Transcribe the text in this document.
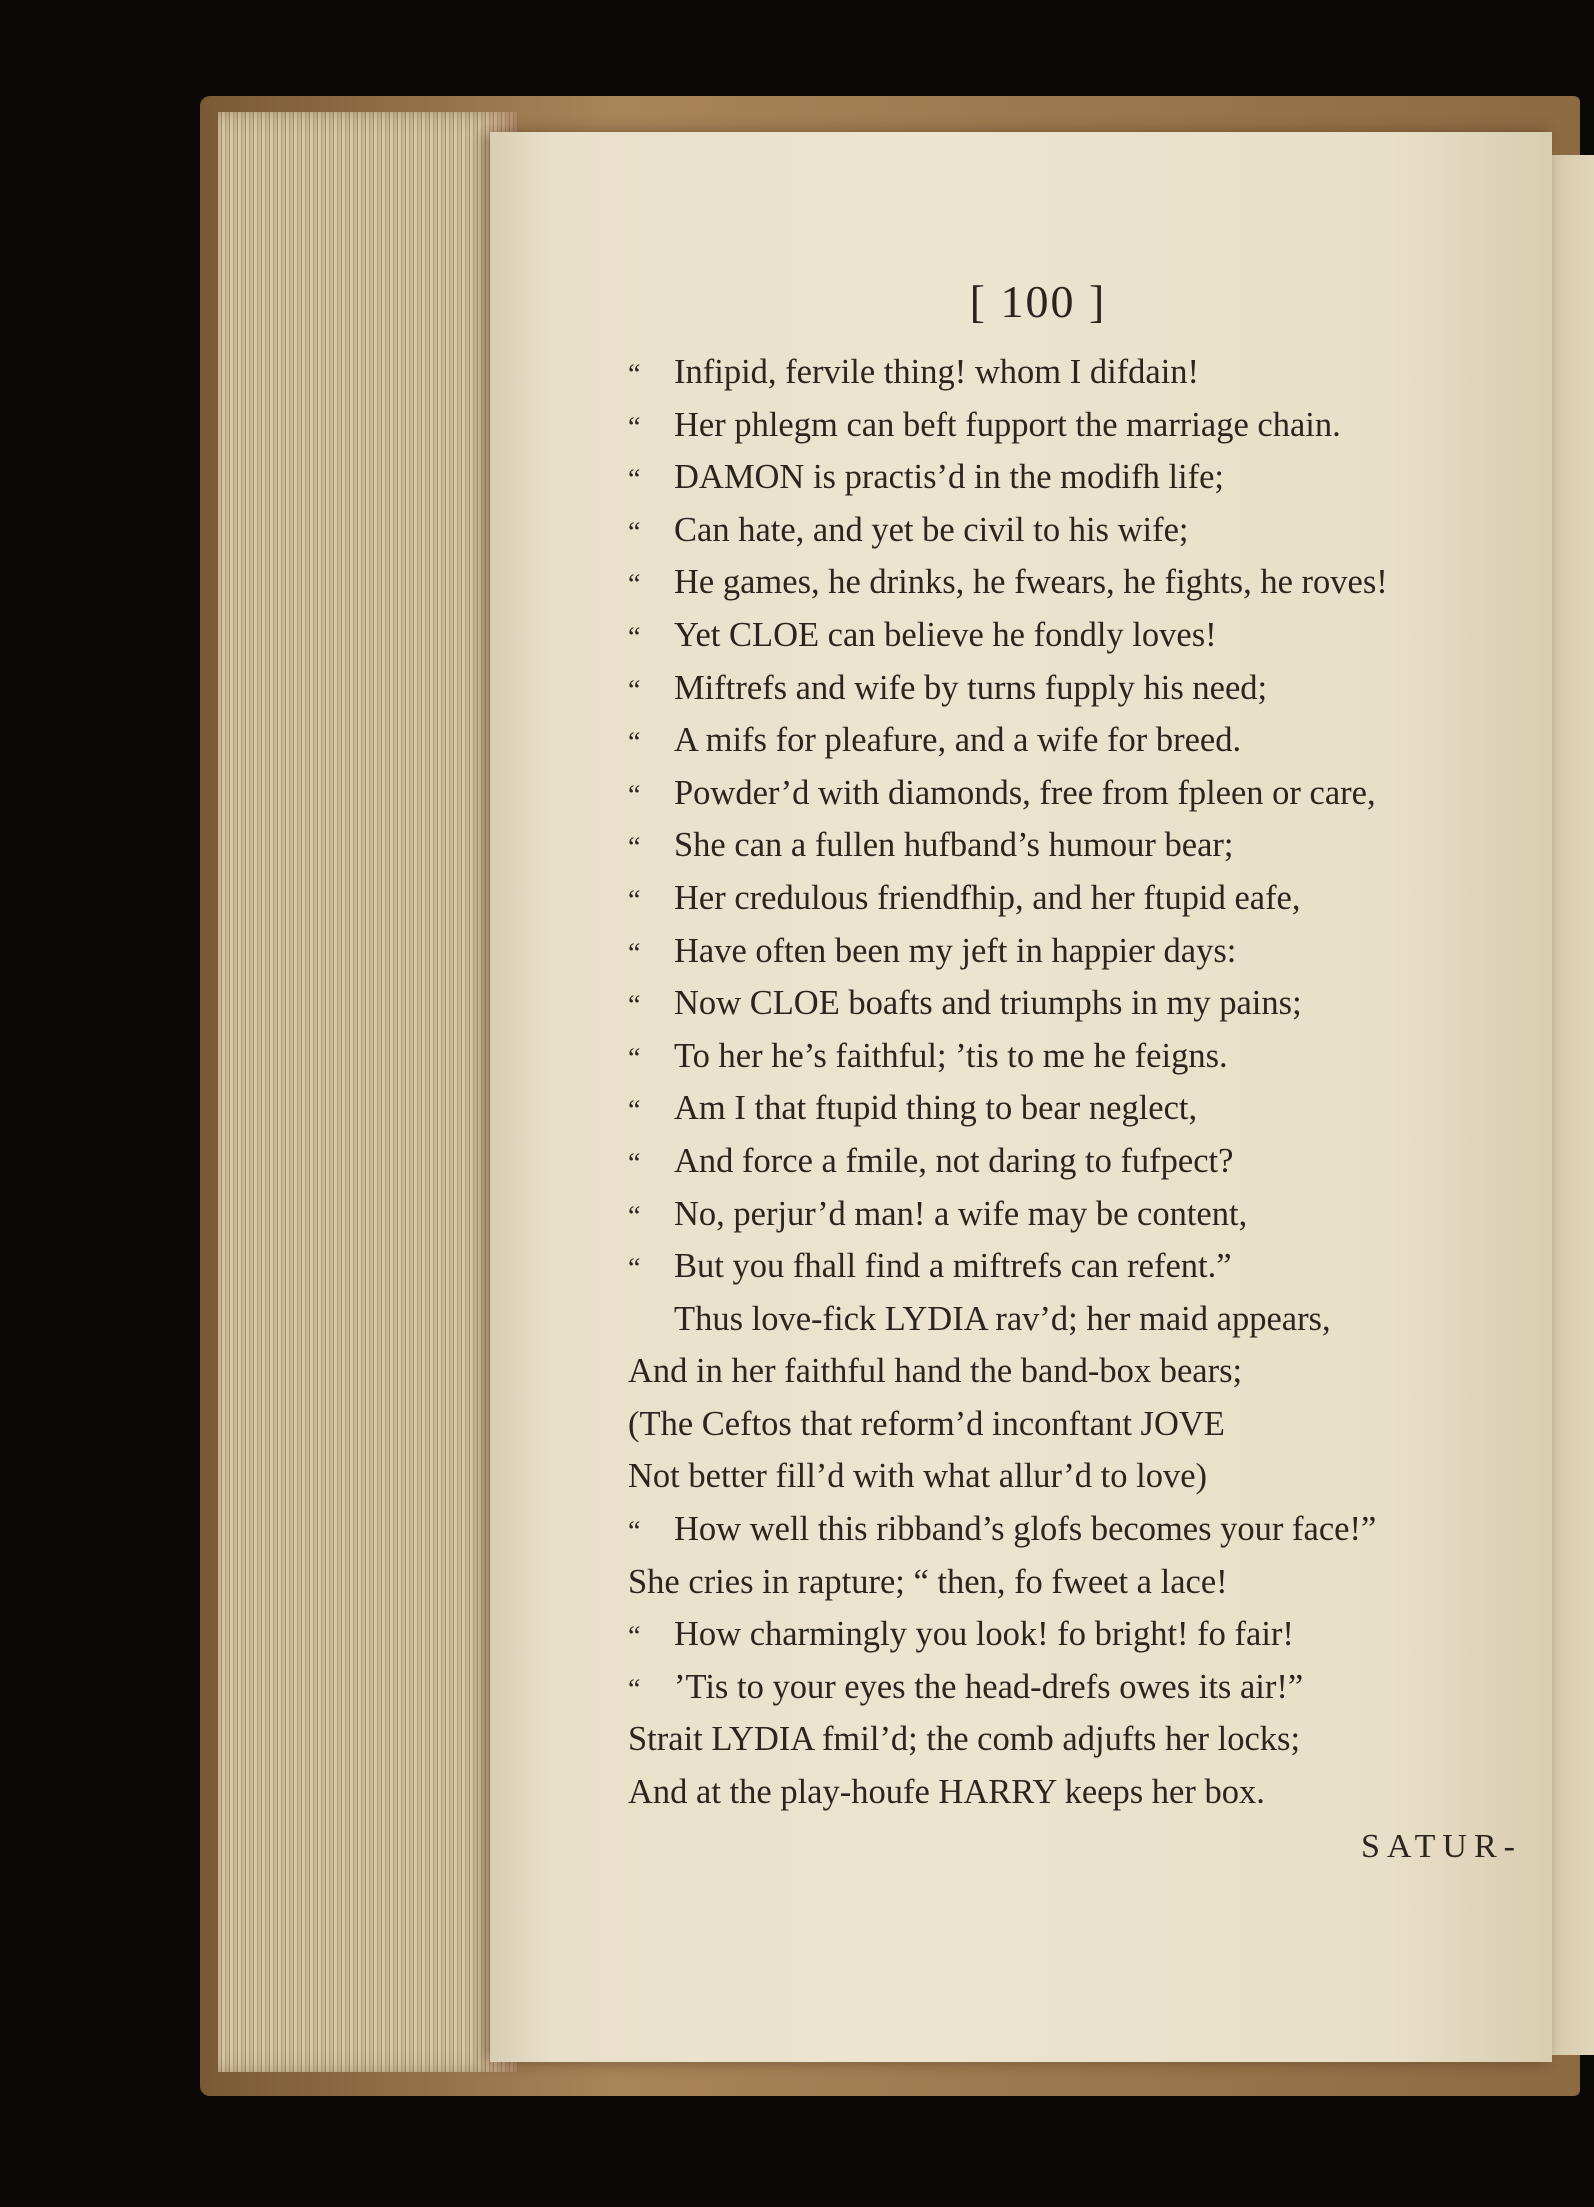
[ 100 ]
“ Infipid, fervile thing! whom I difdain!
“ Her phlegm can beft fupport the marriage chain.
“ DAMON is practis’d in the modifh life;
“ Can hate, and yet be civil to his wife;
“ He games, he drinks, he fwears, he fights, he roves!
“ Yet CLOE can believe he fondly loves!
“ Miftrefs and wife by turns fupply his need;
“ A mifs for pleafure, and a wife for breed.
“ Powder’d with diamonds, free from fpleen or care,
“ She can a fullen hufband’s humour bear;
“ Her credulous friendfhip, and her ftupid eafe,
“ Have often been my jeft in happier days:
“ Now CLOE boafts and triumphs in my pains;
“ To her he’s faithful; ’tis to me he feigns.
“ Am I that ftupid thing to bear neglect,
“ And force a fmile, not daring to fufpect?
“ No, perjur’d man! a wife may be content,
“ But you fhall find a miftrefs can refent.”
Thus love-fick LYDIA rav’d; her maid appears,
And in her faithful hand the band-box bears;
(The Ceftos that reform’d inconftant JOVE
Not better fill’d with what allur’d to love)
“ How well this ribband’s glofs becomes your face!”
She cries in rapture; “ then, fo fweet a lace!
“ How charmingly you look! fo bright! fo fair!
“ ’Tis to your eyes the head-drefs owes its air!”
Strait LYDIA fmil’d; the comb adjufts her locks;
And at the play-houfe HARRY keeps her box.
SATUR-
